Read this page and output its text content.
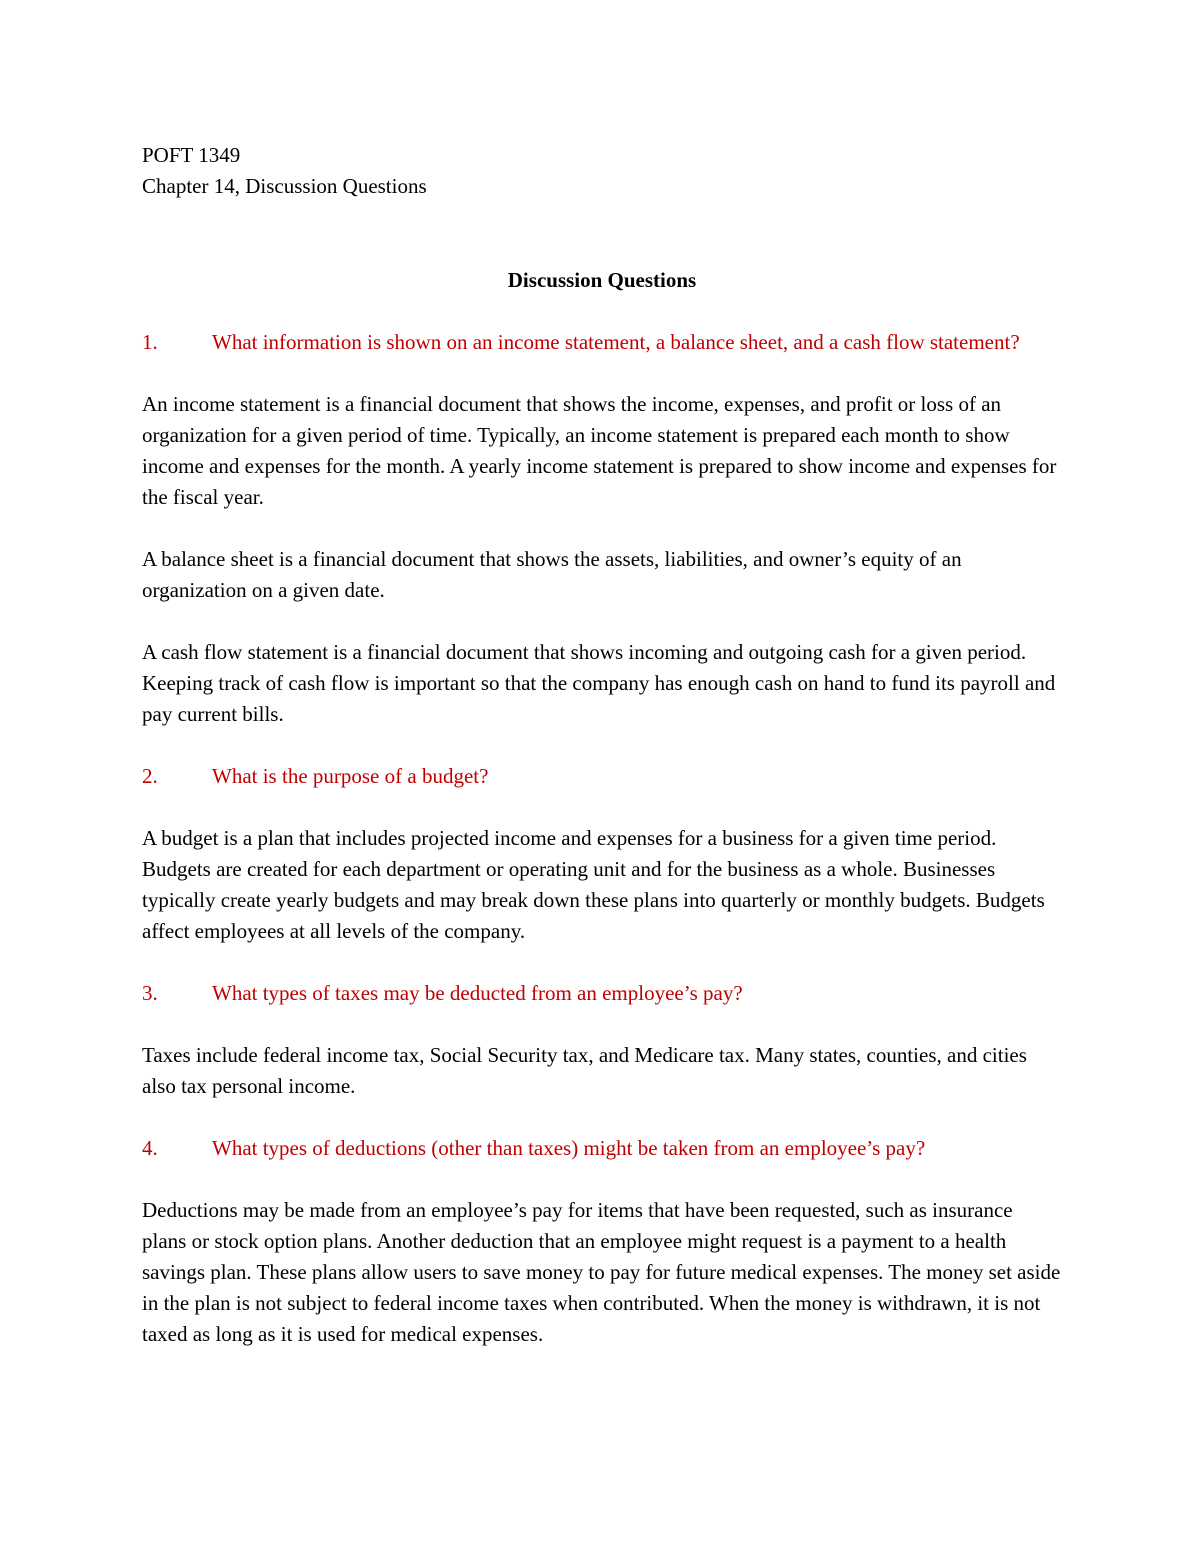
POFT 1349

Chapter 14, Discussion Questions

Discussion Questions

1.	What information is shown on an income statement, a balance sheet, and a cash flow statement?

An income statement is a financial document that shows the income, expenses, and profit or loss of an organization for a given period of time. Typically, an income statement is prepared each month to show income and expenses for the month. A yearly income statement is prepared to show income and expenses for the fiscal year.

A balance sheet is a financial document that shows the assets, liabilities, and owner’s equity of an organization on a given date.

A cash flow statement is a financial document that shows incoming and outgoing cash for a given period. Keeping track of cash flow is important so that the company has enough cash on hand to fund its payroll and pay current bills.

2.	What is the purpose of a budget?

A budget is a plan that includes projected income and expenses for a business for a given time period. Budgets are created for each department or operating unit and for the business as a whole. Businesses typically create yearly budgets and may break down these plans into quarterly or monthly budgets. Budgets affect employees at all levels of the company.

3.	What types of taxes may be deducted from an employee’s pay?

Taxes include federal income tax, Social Security tax, and Medicare tax. Many states, counties, and cities also tax personal income.

4.	What types of deductions (other than taxes) might be taken from an employee’s pay?

Deductions may be made from an employee’s pay for items that have been requested, such as insurance plans or stock option plans. Another deduction that an employee might request is a payment to a health savings plan. These plans allow users to save money to pay for future medical expenses. The money set aside in the plan is not subject to federal income taxes when contributed. When the money is withdrawn, it is not taxed as long as it is used for medical expenses.
